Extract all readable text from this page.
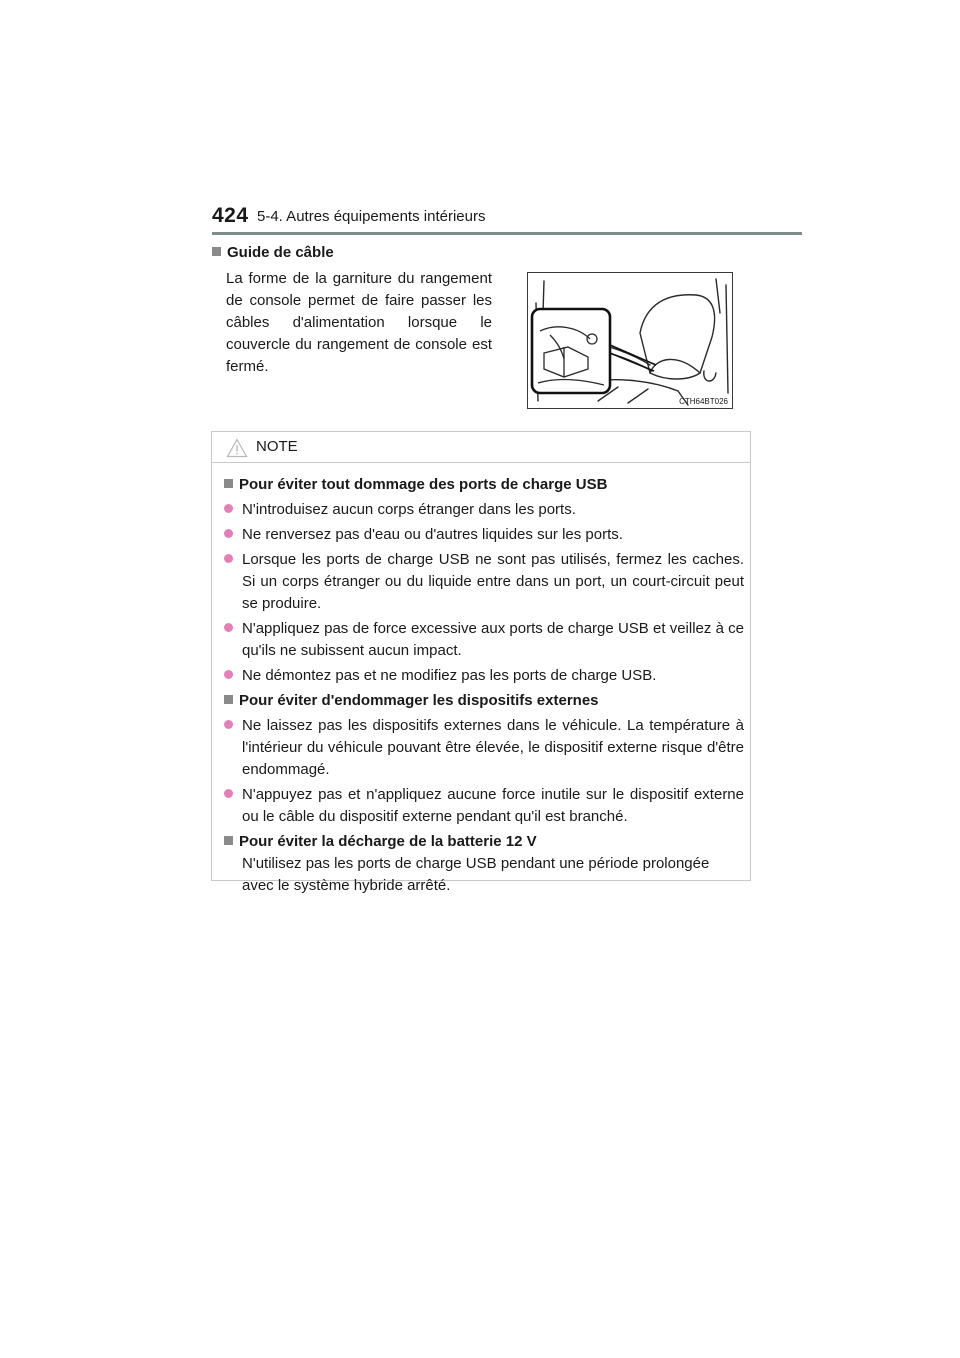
424 5-4. Autres équipements intérieurs
Guide de câble
La forme de la garniture du rangement de console permet de faire passer les câbles d'alimentation lorsque le couvercle du rangement de console est fermé.
CTH64BT026
NOTE
Pour éviter tout dommage des ports de charge USB
N'introduisez aucun corps étranger dans les ports.
Ne renversez pas d'eau ou d'autres liquides sur les ports.
Lorsque les ports de charge USB ne sont pas utilisés, fermez les caches. Si un corps étranger ou du liquide entre dans un port, un court-circuit peut se produire.
N'appliquez pas de force excessive aux ports de charge USB et veillez à ce qu'ils ne subissent aucun impact.
Ne démontez pas et ne modifiez pas les ports de charge USB.
Pour éviter d'endommager les dispositifs externes
Ne laissez pas les dispositifs externes dans le véhicule. La température à l'intérieur du véhicule pouvant être élevée, le dispositif externe risque d'être endommagé.
N'appuyez pas et n'appliquez aucune force inutile sur le dispositif externe ou le câble du dispositif externe pendant qu'il est branché.
Pour éviter la décharge de la batterie 12 V
N'utilisez pas les ports de charge USB pendant une période prolongée avec le système hybride arrêté.
